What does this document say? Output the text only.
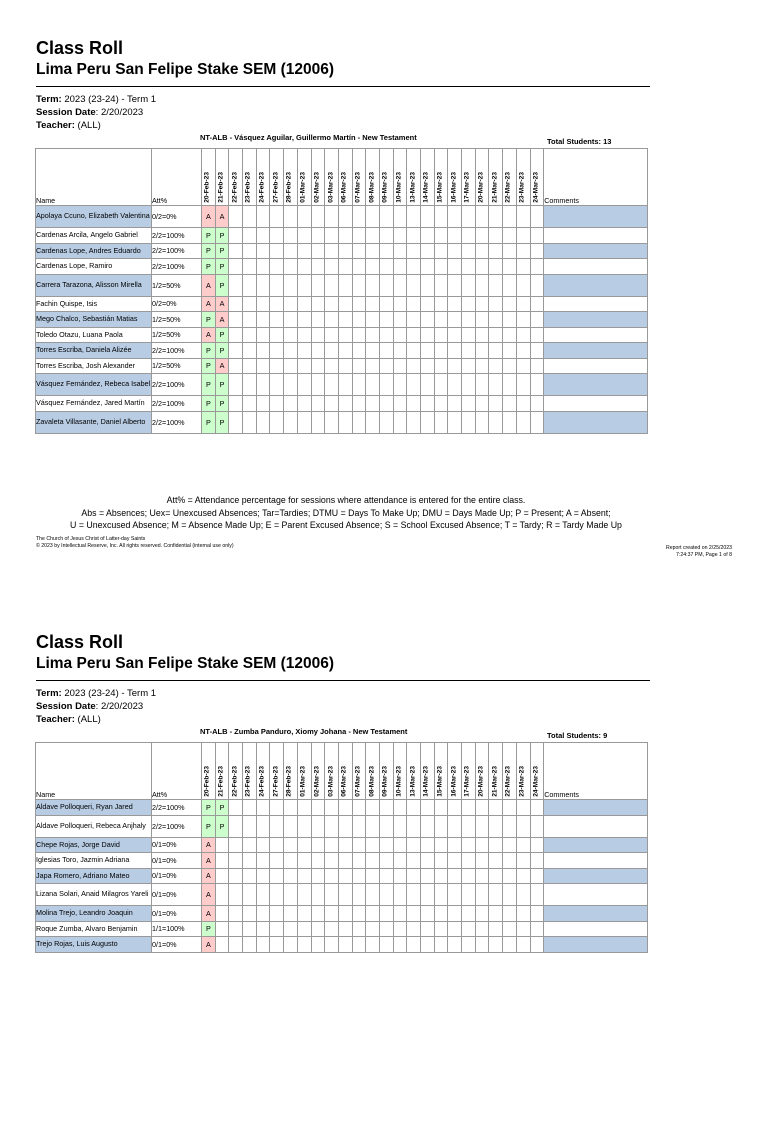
Class Roll
Lima Peru San Felipe Stake SEM (12006)
Term: 2023 (23-24) - Term 1
Session Date: 2/20/2023
Teacher: (ALL)
NT-ALB - Vásquez Aguilar, Guillermo Martín - New Testament	Total Students: 13
Name	Att%	20-Feb-23	21-Feb-23	22-Feb-23	23-Feb-23	24-Feb-23	27-Feb-23	28-Feb-23	01-Mar-23	02-Mar-23	03-Mar-23	06-Mar-23	07-Mar-23	08-Mar-23	09-Mar-23	10-Mar-23	13-Mar-23	14-Mar-23	15-Mar-23	16-Mar-23	17-Mar-23	20-Mar-23	21-Mar-23	22-Mar-23	23-Mar-23	24-Mar-23	Comments
Apolaya Ccuno, Elizabeth Valentina	0/2=0%	A	A																								
Cardenas Arcila, Angelo Gabriel	2/2=100%	P	P																								
Cardenas Lope, Andres Eduardo	2/2=100%	P	P																								
Cardenas Lope, Ramiro	2/2=100%	P	P																								
Carrera Tarazona, Alisson Mirella	1/2=50%	A	P																								
Fachin Quispe, Isis	0/2=0%	A	A																								
Mego Chalco, Sebastián Matias	1/2=50%	P	A																								
Toledo Otazu, Luana Paola	1/2=50%	A	P																								
Torres Escriba, Daniela Alizée	2/2=100%	P	P																								
Torres Escriba, Josh Alexander	1/2=50%	P	A																								
Vásquez Fernández, Rebeca Isabel	2/2=100%	P	P																								
Vásquez Fernández, Jared Martín	2/2=100%	P	P																								
Zavaleta Villasante, Daniel Alberto	2/2=100%	P	P																								
Att% = Attendance percentage for sessions where attendance is entered for the entire class.
Abs = Absences; Uex= Unexcused Absences; Tar=Tardies; DTMU = Days To Make Up; DMU = Days Made Up; P = Present; A = Absent;
U = Unexcused Absence; M = Absence Made Up; E = Parent Excused Absence; S = School Excused Absence; T = Tardy; R = Tardy Made Up
The Church of Jesus Christ of Latter-day Saints
© 2023 by Intellectual Reserve, Inc. All rights reserved. Confidential (internal use only)	Report created on 2/25/2023
7:24:37 PM, Page 1 of 8
Class Roll
Lima Peru San Felipe Stake SEM (12006)
Term: 2023 (23-24) - Term 1
Session Date: 2/20/2023
Teacher: (ALL)
NT-ALB - Zumba Panduro, Xiomy Johana - New Testament	Total Students: 9
Name	Att%	20-Feb-23	21-Feb-23	22-Feb-23	23-Feb-23	24-Feb-23	27-Feb-23	28-Feb-23	01-Mar-23	02-Mar-23	03-Mar-23	06-Mar-23	07-Mar-23	08-Mar-23	09-Mar-23	10-Mar-23	13-Mar-23	14-Mar-23	15-Mar-23	16-Mar-23	17-Mar-23	20-Mar-23	21-Mar-23	22-Mar-23	23-Mar-23	24-Mar-23	Comments
Aldave Polloqueri, Ryan Jared	2/2=100%	P	P																								
Aldave Polloqueri, Rebeca Anjhaly	2/2=100%	P	P																								
Chepe Rojas, Jorge David	0/1=0%	A																									
Iglesias Toro, Jazmin Adriana	0/1=0%	A																									
Japa Romero, Adriano Mateo	0/1=0%	A																									
Lizana Solari, Anaid Milagros Yareli	0/1=0%	A																									
Molina Trejo, Leandro Joaquin	0/1=0%	A																									
Roque Zumba, Alvaro Benjamin	1/1=100%	P																									
Trejo Rojas, Luis Augusto	0/1=0%	A																									
